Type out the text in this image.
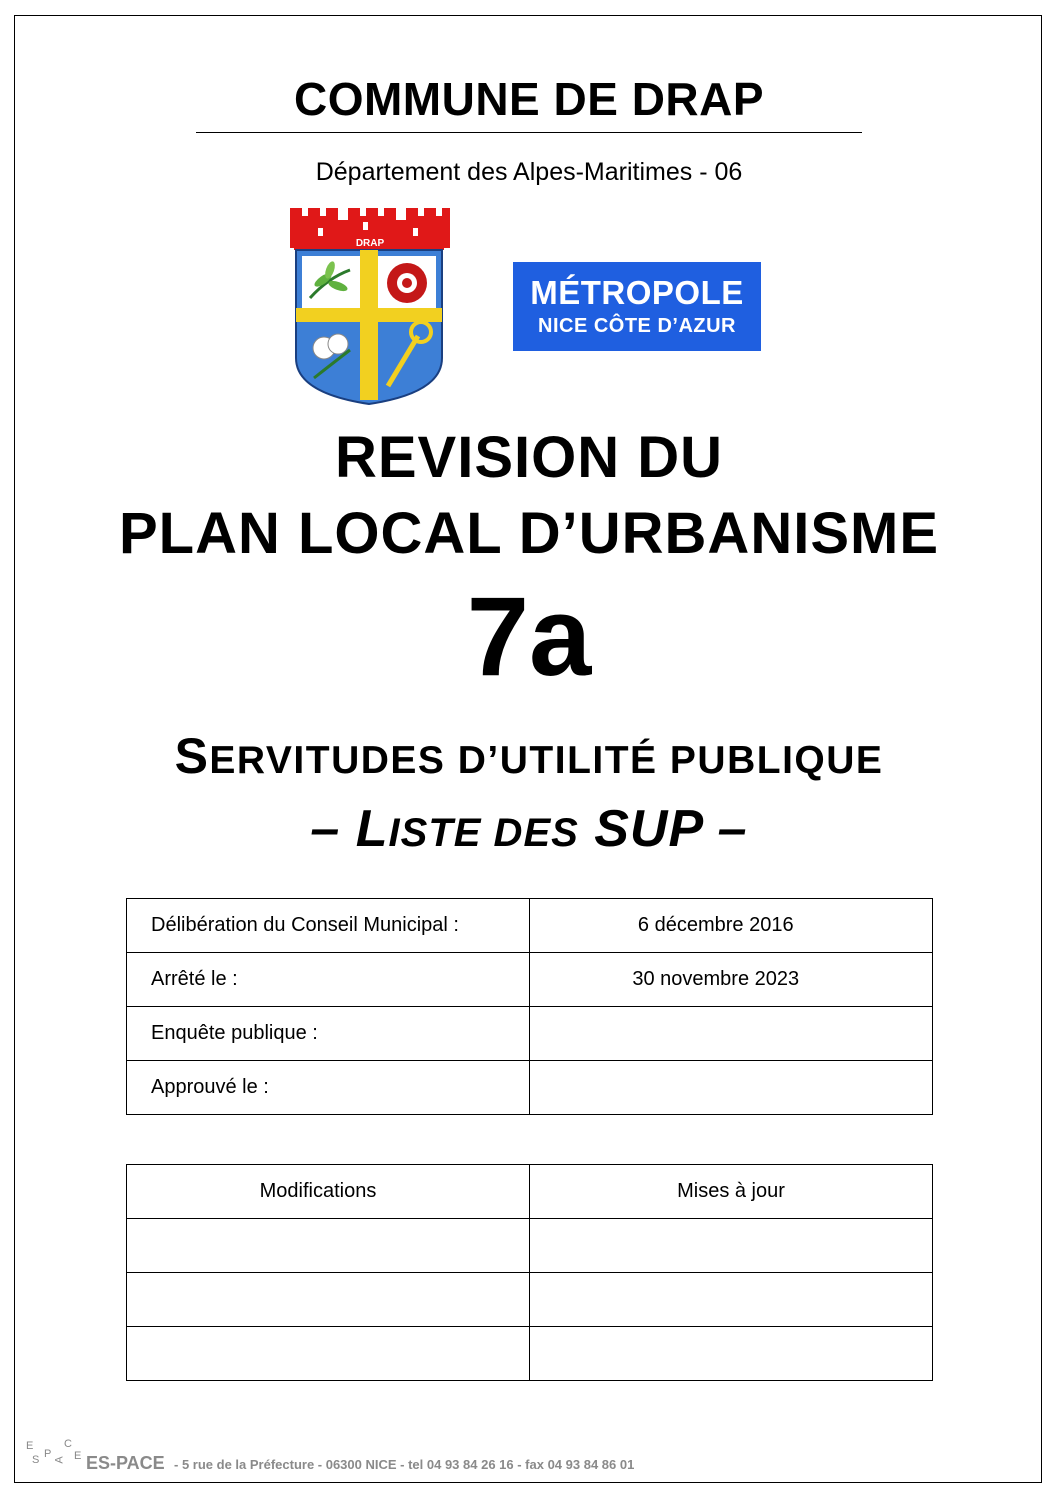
COMMUNE DE DRAP
Département des Alpes-Maritimes - 06
DRAP
MÉTROPOLE
NICE CÔTE D’AZUR
REVISION DU
PLAN LOCAL D’URBANISME
7a
SERVITUDES D’UTILITÉ PUBLIQUE
– LISTE DES SUP –
Délibération du Conseil Municipal :	6 décembre 2016
Arrêté le :	30 novembre 2023
Enquête publique :	
Approuvé le :	
Modifications	Mises à jour

E
S P A
C
E ES-PACE - 5 rue de la Préfecture - 06300 NICE - tel 04 93 84 26 16 - fax 04 93 84 86 01
